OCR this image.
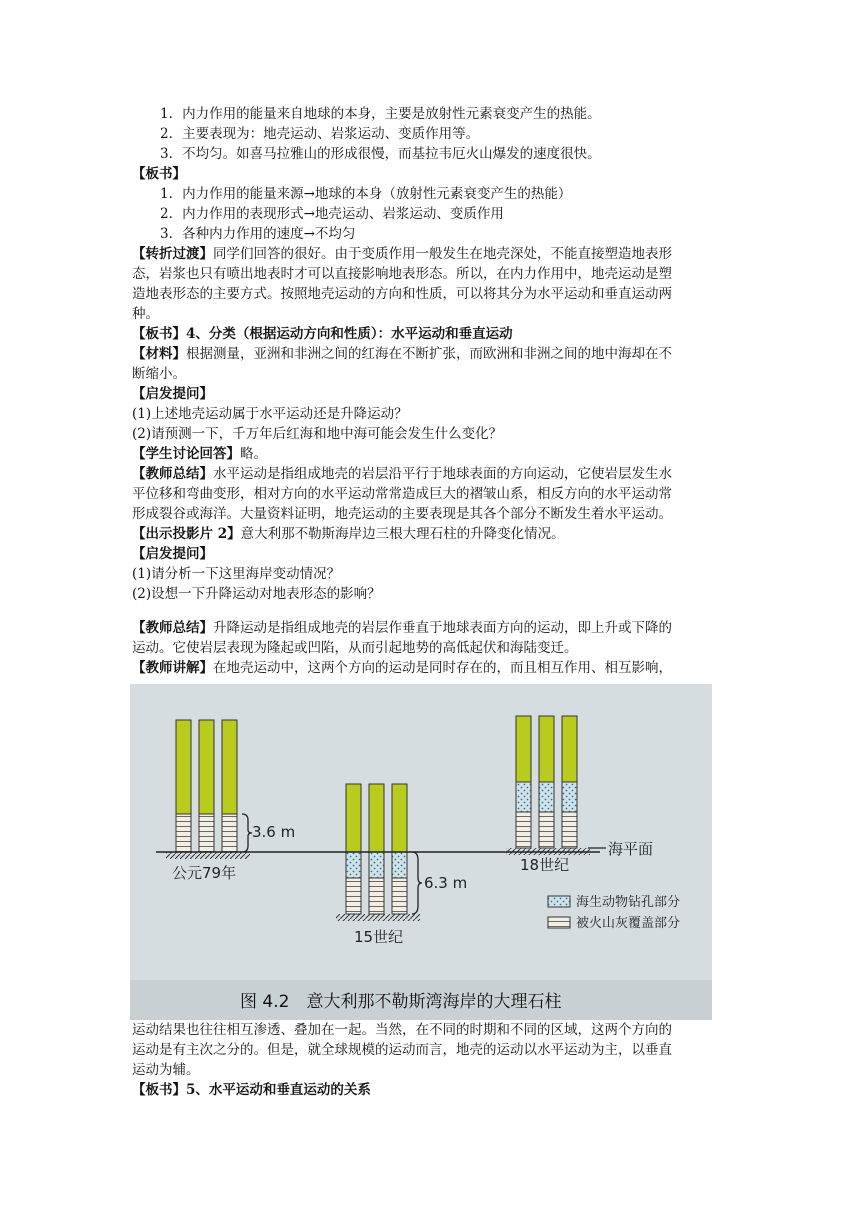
1．内力作用的能量来自地球的本身，主要是放射性元素衰变产生的热能。
2．主要表现为：地壳运动、岩浆运动、变质作用等。
3．不均匀。如喜马拉雅山的形成很慢，而基拉韦厄火山爆发的速度很快。
【板书】
1．内力作用的能量来源→地球的本身（放射性元素衰变产生的热能）
2．内力作用的表现形式→地壳运动、岩浆运动、变质作用
3．各种内力作用的速度→不均匀
【转折过渡】同学们回答的很好。由于变质作用一般发生在地壳深处，不能直接塑造地表形
态，岩浆也只有喷出地表时才可以直接影响地表形态。所以，在内力作用中，地壳运动是塑
造地表形态的主要方式。按照地壳运动的方向和性质，可以将其分为水平运动和垂直运动两
种。
【板书】4、分类（根据运动方向和性质）：水平运动和垂直运动
【材料】根据测量，亚洲和非洲之间的红海在不断扩张，而欧洲和非洲之间的地中海却在不
断缩小。
【启发提问】
(1)上述地壳运动属于水平运动还是升降运动？
(2)请预测一下，千万年后红海和地中海可能会发生什么变化？
【学生讨论回答】略。
【教师总结】水平运动是指组成地壳的岩层沿平行于地球表面的方向运动，它使岩层发生水
平位移和弯曲变形，相对方向的水平运动常常造成巨大的褶皱山系，相反方向的水平运动常
形成裂谷或海洋。大量资料证明，地壳运动的主要表现是其各个部分不断发生着水平运动。
【出示投影片 2】意大利那不勒斯海岸边三根大理石柱的升降变化情况。
【启发提问】
(1)请分析一下这里海岸变动情况？
(2)设想一下升降运动对地表形态的影响？
【教师总结】升降运动是指组成地壳的岩层作垂直于地球表面方向的运动，即上升或下降的
运动。它使岩层表现为隆起或凹陷，从而引起地势的高低起伏和海陆变迁。
【教师讲解】在地壳运动中，这两个方向的运动是同时存在的，而且相互作用、相互影响，
3.6 m
6.3 m
公元79年
15世纪
18世纪
海平面
海生动物钻孔部分
被火山灰覆盖部分
图 4.2　意大利那不勒斯湾海岸的大理石柱
运动结果也往往相互渗透、叠加在一起。当然，在不同的时期和不同的区域，这两个方向的
运动是有主次之分的。但是，就全球规模的运动而言，地壳的运动以水平运动为主，以垂直
运动为辅。
【板书】5、水平运动和垂直运动的关系
